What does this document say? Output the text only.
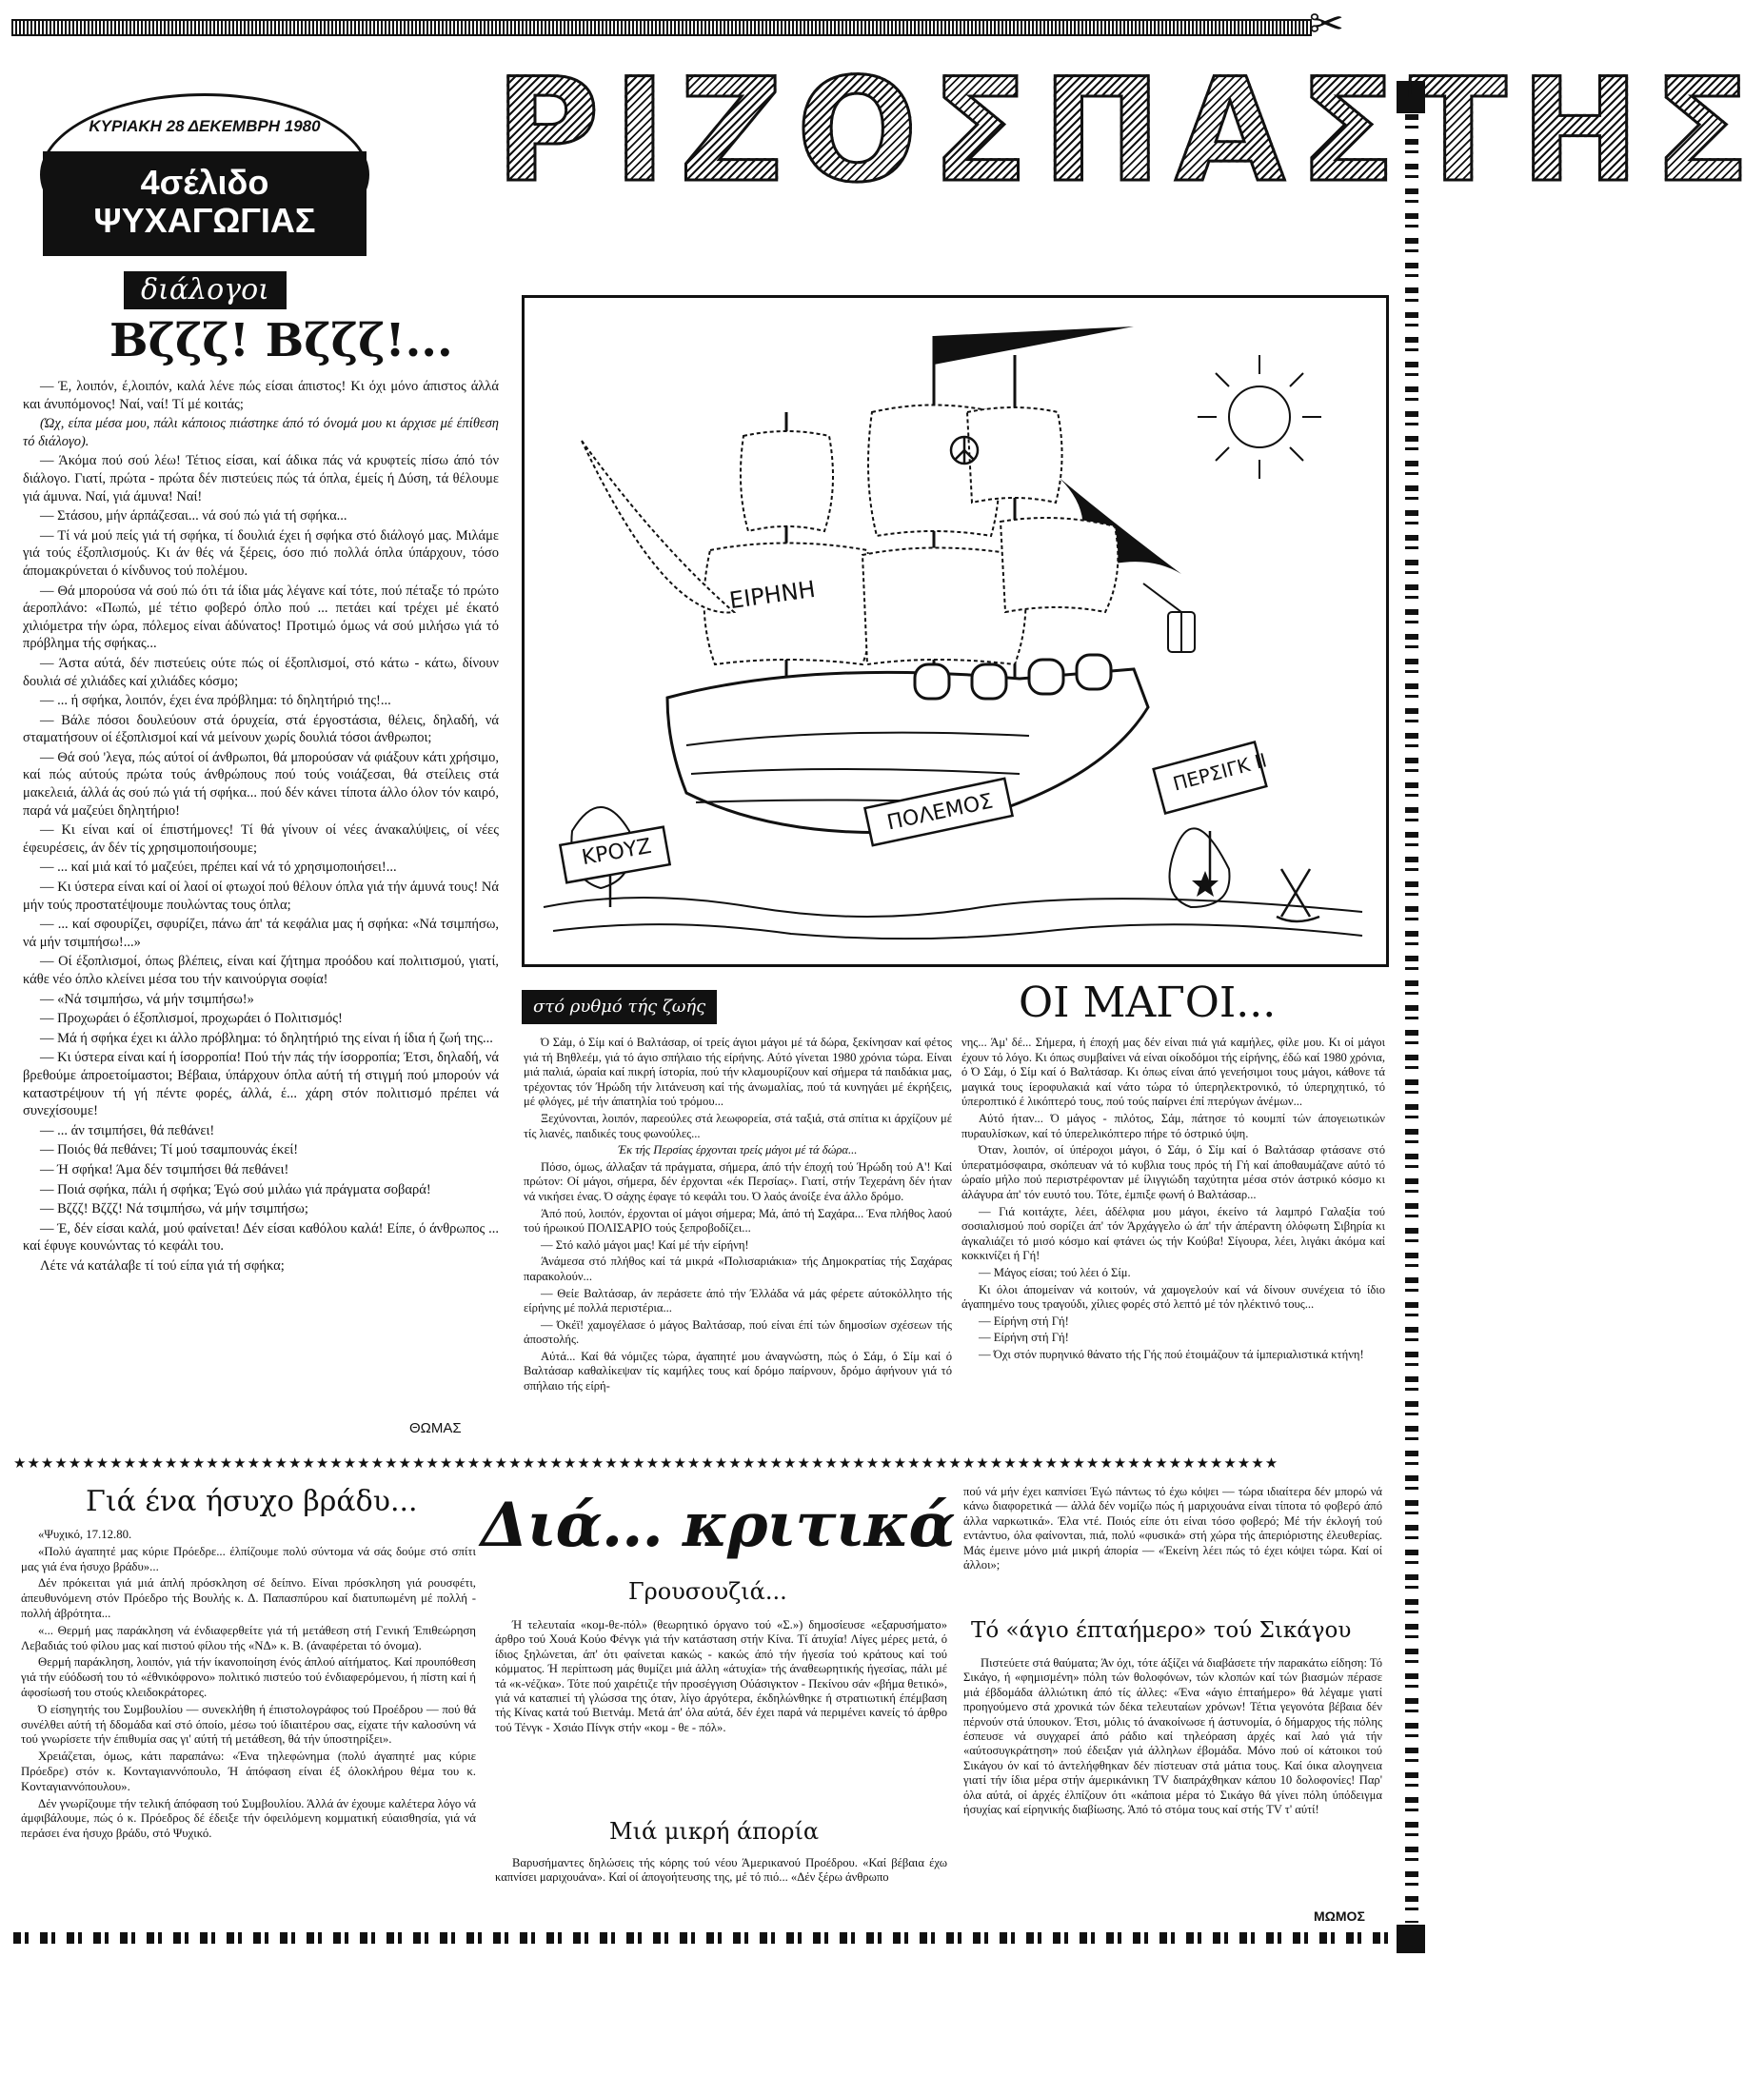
✂
ΚΥΡΙΑΚΗ 28 ΔΕΚΕΜΒΡΗ 1980
4σέλιδο
ΨΥΧΑΓΩΓΙΑΣ
ΡΙΖΟΣΠΑΣΤΗΣ
διάλογοι
Βζζζ! Βζζζ!...

— Έ, λοιπόν, έ,λοιπόν, καλά λένε πώς είσαι άπιστος! Κι όχι μόνο άπιστος άλλά και άνυπόμονος! Ναί, ναί! Τί μέ κοιτάς;

(Ώχ, είπα μέσα μου, πάλι κάποιος πιάστηκε άπό τό όνομά μου κι άρχισε μέ έπίθεση τό διάλογο).

— Άκόμα πού σού λέω! Τέτιος είσαι, καί άδικα πάς νά κρυφτείς πίσω άπό τόν διάλογο. Γιατί, πρώτα - πρώτα δέν πιστεύεις πώς τά όπλα, έμείς ή Δύση, τά θέλουμε γιά άμυνα. Ναί, γιά άμυνα! Ναί!

— Στάσου, μήν άρπάζεσαι... νά σού πώ γιά τή σφήκα...

— Τί νά μού πείς γιά τή σφήκα, τί δουλιά έχει ή σφήκα στό διάλογό μας. Μιλάμε γιά τούς έξοπλισμούς. Κι άν θές νά ξέρεις, όσο πιό πολλά όπλα ύπάρχουν, τόσο άπομακρύνεται ό κίνδυνος τού πολέμου.

— Θά μπορούσα νά σού πώ ότι τά ίδια μάς λέγανε καί τότε, πού πέταξε τό πρώτο άεροπλάνο: «Πωπώ, μέ τέτιο φοβερό όπλο πού ... πετάει καί τρέχει μέ έκατό χιλιόμετρα τήν ώρα, πόλεμος είναι άδύνατος! Προτιμώ όμως νά σού μιλήσω γιά τό πρόβλημα τής σφήκας...

— Άστα αύτά, δέν πιστεύεις ούτε πώς οί έξοπλισμοί, στό κάτω - κάτω, δίνουν δουλιά σέ χιλιάδες καί χιλιάδες κόσμο;

— ... ή σφήκα, λοιπόν, έχει ένα πρόβλημα: τό δηλητήριό της!...

— Βάλε πόσοι δουλεύουν στά όρυχεία, στά έργοστάσια, θέλεις, δηλαδή, νά σταματήσουν οί έξοπλισμοί καί νά μείνουν χωρίς δουλιά τόσοι άνθρωποι;

— Θά σού 'λεγα, πώς αύτοί οί άνθρωποι, θά μπορούσαν νά φιάξουν κάτι χρήσιμο, καί πώς αύτούς πρώτα τούς άνθρώπους πού τούς νοιάζεσαι, θά στείλεις στά μακελειά, άλλά άς σού πώ γιά τή σφήκα... πού δέν κάνει τίποτα άλλο όλον τόν καιρό, παρά νά μαζεύει δηλητήριο!

— Κι είναι καί οί έπιστήμονες! Τί θά γίνουν οί νέες άνακαλύψεις, οί νέες έφευρέσεις, άν δέν τίς χρησιμοποιήσουμε;

— ... καί μιά καί τό μαζεύει, πρέπει καί νά τό χρησιμοποιήσει!...

— Κι ύστερα είναι καί οί λαοί οί φτωχοί πού θέλουν όπλα γιά τήν άμυνά τους! Νά μήν τούς προστατέψουμε πουλώντας τους όπλα;

— ... καί σφουρίζει, σφυρίζει, πάνω άπ' τά κεφάλια μας ή σφήκα: «Νά τσιμπήσω, νά μήν τσιμπήσω!...»

— Οί έξοπλισμοί, όπως βλέπεις, είναι καί ζήτημα προόδου καί πολιτισμού, γιατί, κάθε νέο όπλο κλείνει μέσα του τήν καινούργια σοφία!

— «Νά τσιμπήσω, νά μήν τσιμπήσω!»

— Προχωράει ό έξοπλισμοί, προχωράει ό Πολιτισμός!

— Μά ή σφήκα έχει κι άλλο πρόβλημα: τό δηλητήριό της είναι ή ίδια ή ζωή της...

— Κι ύστερα είναι καί ή ίσορροπία! Πού τήν πάς τήν ίσορροπία; Έτσι, δηλαδή, νά βρεθούμε άπροετοίμαστοι; Βέβαια, ύπάρχουν όπλα αύτή τή στιγμή πού μπορούν νά καταστρέψουν τή γή πέντε φορές, άλλά, έ... χάρη στόν πολιτισμό πρέπει νά συνεχίσουμε!

— ... άν τσιμπήσει, θά πεθάνει!

— Ποιός θά πεθάνει; Τί μού τσαμπουνάς έκεί!

— Ή σφήκα! Άμα δέν τσιμπήσει θά πεθάνει!

— Ποιά σφήκα, πάλι ή σφήκα; Έγώ σού μιλάω γιά πράγματα σοβαρά!

— Βζζζ! Βζζζ! Νά τσιμπήσω, νά μήν τσιμπήσω;

— Έ, δέν είσαι καλά, μού φαίνεται! Δέν είσαι καθόλου καλά! Είπε, ό άνθρωπος ... καί έφυγε κουνώντας τό κεφάλι του.

Λέτε νά κατάλαβε τί τού είπα γιά τή σφήκα;

ΘΩΜΑΣ
ΕΙΡΗΝΗ
ΠΟΛΕΜΟΣ
ΚΡΟΥΖ
ΠΕΡΣΙΓΚ ΙΙ
στό ρυθμό τής ζωής	ΟΙ ΜΑΓΟΙ...

Ό Σάμ, ό Σίμ καί ό Βαλτάσαρ, οί τρείς άγιοι μάγοι μέ τά δώρα, ξεκίνησαν καί φέτος γιά τή Βηθλεέμ, γιά τό άγιο σπήλαιο τής είρήνης. Αύτό γίνεται 1980 χρόνια τώρα. Είναι μιά παλιά, ώραία καί πικρή ίστορία, πού τήν κλαμουρίζουν καί σήμερα τά παιδάκια μας, τρέχοντας τόν Ήρώδη τήν λιτάνευση καί τής άνωμαλίας, πού τά κυνηγάει μέ έκρήξεις, μέ φλόγες, μέ τήν άπατηλία τού τρόμου...

Ξεχύνονται, λοιπόν, παρεούλες στά λεωφορεία, στά ταξιά, στά σπίτια κι άρχίζουν μέ τίς λιανές, παιδικές τους φωνούλες...

Έκ τής Περσίας έρχονται τρείς μάγοι μέ τά δώρα...

Πόσο, όμως, άλλαξαν τά πράγματα, σήμερα, άπό τήν έποχή τού Ήρώδη τού Α'! Καί πρώτον: Οί μάγοι, σήμερα, δέν έρχονται «έκ Περσίας». Γιατί, στήν Τεχεράνη δέν ήταν νά νικήσει ένας. Ό σάχης έφαγε τό κεφάλι του. Ό λαός άνοίξε ένα άλλο δρόμο.

Άπό πού, λοιπόν, έρχονται οί μάγοι σήμερα; Μά, άπό τή Σαχάρα... Ένα πλήθος λαού τού ήρωικού ΠΟΛΙΣΑΡΙΟ τούς ξεπροβοδίζει...

— Στό καλό μάγοι μας! Καί μέ τήν είρήνη!

Άνάμεσα στό πλήθος καί τά μικρά «Πολισαριάκια» τής Δημοκρατίας τής Σαχάρας παρακολούν...

— Θείε Βαλτάσαρ, άν περάσετε άπό τήν Έλλάδα νά μάς φέρετε αύτοκόλλητο τής είρήνης μέ πολλά περιστέρια...

— Όκέϊ! χαμογέλασε ό μάγος Βαλτάσαρ, πού είναι έπί τών δημοσίων σχέσεων τής άποστολής.

Αύτά... Καί θά νόμιζες τώρα, άγαπητέ μου άναγνώστη, πώς ό Σάμ, ό Σίμ καί ό Βαλτάσαρ καθαλίκεψαν τίς καμήλες τους καί δρόμο παίρνουν, δρόμο άφήνουν γιά τό σπήλαιο τής είρή-

νης... Άμ' δέ... Σήμερα, ή έποχή μας δέν είναι πιά γιά καμήλες, φίλε μου. Κι οί μάγοι έχουν τό λόγο. Κι όπως συμβαίνει νά είναι οίκοδόμοι τής είρήνης, έδώ καί 1980 χρόνια, ό Ό Σάμ, ό Σίμ καί ό Βαλτάσαρ. Κι όπως είναι άπό γενεήσιμοι τους μάγοι, κάθονε τά μαγικά τους ίεροφυλακιά καί νάτο τώρα τό ύπερηλεκτρονικό, τό ύπερηχητικό, τό ύπεροπτικό έ λικόπτερό τους, πού τούς παίρνει έπί πτερύγων άνέμων...

Αύτό ήταν... Ό μάγος - πιλότος, Σάμ, πάτησε τό κουμπί τών άπογειωτικών πυραυλίσκων, καί τό ύπερελικόπτερο πήρε τό όστρικό ύψη.

Όταν, λοιπόν, οί ύπέροχοι μάγοι, ό Σάμ, ό Σίμ καί ό Βαλτάσαρ φτάσανε στό ύπερατμόσφαιρα, σκόπευαν νά τό κυβλια τους πρός τή Γή καί άποθαυμάζανε αύτό τό ώραίο μήλο πού περιστρέφονταν μέ ίλιγγιώδη ταχύτητα μέσα στόν άστρικό κόσμο κι άλάγυρα άπ' τόν ευυτό του. Τότε, έμπιξε φωνή ό Βαλτάσαρ...

— Γιά κοιτάχτε, λέει, άδέλφια μου μάγοι, έκείνο τά λαμπρό Γαλαξία τού σοσιαλισμού πού σορίζει άπ' τόν Άρχάγγελο ώ άπ' τήν άπέραντη όλόφωτη Σιβηρία κι άγκαλιάζει τό μισό κόσμο καί φτάνει ώς τήν Κούβα! Σίγουρα, λέει, λιγάκι άκόμα καί κοκκινίζει ή Γή!

— Μάγος είσαι; τού λέει ό Σίμ.

Κι όλοι άπομείναν νά κοιτούν, νά χαμογελούν καί νά δίνουν συνέχεια τό ίδιο άγαπημένο τους τραγούδι, χίλιες φορές στό λεπτό μέ τόν ηλέκτινό τους...

— Είρήνη στή Γή!

— Είρήνη στή Γή!

— Όχι στόν πυρηνικό θάνατο τής Γής πού έτοιμάζουν τά ίμπεριαλιστικά κτήνη!

★★★★★★★★★★★★★★★★★★★★★★★★★★★★★★★★★★★★★★★★★★★★★★★★★★★★★★★★★★★★★★★★★★★★★★★★★★★★★★★★★★★★★★★★★★★★
Γιά ένα ήσυχο βράδυ...

«Ψυχικό, 17.12.80.

«Πολύ άγαπητέ μας κύριε Πρόεδρε... έλπίζουμε πολύ σύντομα νά σάς δούμε στό σπίτι μας γιά ένα ήσυχο βράδυ»...

Δέν πρόκειται γιά μιά άπλή πρόσκληση σέ δείπνο. Είναι πρόσκληση γιά ρουσφέτι, άπευθυνόμενη στόν Πρόεδρο τής Βουλής κ. Δ. Παπασπύρου καί διατυπωμένη μέ πολλή - πολλή άβρότητα...

«... Θερμή μας παράκληση νά ένδιαφερθείτε γιά τή μετάθεση στή Γενική Έπιθεώρηση Λεβαδιάς τού φίλου μας καί πιστού φίλου τής «ΝΔ» κ. Β. (άναφέρεται τό όνομα).

Θερμή παράκληση, λοιπόν, γιά τήν ίκανοποίηση ένός άπλού αίτήματος. Καί προυπόθεση γιά τήν εύόδωσή του τό «έθνικόφρονο» πολιτικό πιστεύο τού ένδιαφερόμενου, ή πίστη καί ή άφοσίωσή του στούς κλειδοκράτορες.

Ό είσηγητής του Συμβουλίου — συνεκλήθη ή έπιστολογράφος τού Προέδρου — πού θά συνέλθει αύτή τή δδομάδα καί στό όποίο, μέσω τού ίδιαιτέρου σας, είχατε τήν καλοσύνη νά τού γνωρίσετε τήν έπιθυμία σας γι' αύτή τή μετάθεση, θά τήν ύποστηρίξει».

Χρειάζεται, όμως, κάτι παραπάνω: «Ένα τηλεφώνημα (πολύ άγαπητέ μας κύριε Πρόεδρε) στόν κ. Κονταγιαννόπουλο, Ή άπόφαση είναι έξ όλοκλήρου θέμα του κ. Κονταγιαννόπουλου».

Δέν γνωρίζουμε τήν τελική άπόφαση τού Συμβουλίου. Άλλά άν έχουμε καλέτερα λόγο νά άμφιβάλουμε, πώς ό κ. Πρόεδρος δέ έδειξε τήν όφειλόμενη κομματική εύαισθησία, γιά νά περάσει ένα ήσυχο βράδυ, στό Ψυχικό.

Διά... κριτικά
Γρουσουζιά...

Ή τελευταία «κομ-θε-πόλ» (θεωρητικό όργανο τού «Σ.») δημοσίευσε «εξαρυσήματο» άρθρο τού Χουά Κούο Φένγκ γιά τήν κατάσταση στήν Κίνα. Τί άτυχία! Λίγες μέρες μετά, ό ίδιος ξηλώνεται, άπ' ότι φαίνεται κακώς - κακώς άπό τήν ήγεσία τού κράτους καί τού κόμματος. Ή περίπτωση μάς θυμίζει μιά άλλη «άτυχία» τής άναθεωρητικής ήγεσίας, πάλι μέ τά «κ-νέζικα». Τότε πού χαιρέτιζε τήν προσέγγιση Ούάσιγκτον - Πεκίνου σάν «βήμα θετικό», γιά νά καταπιεί τή γλώσσα της όταν, λίγο άργότερα, έκδηλώνθηκε ή στρατιωτική έπέμβαση τής Κίνας κατά τού Βιετνάμ. Μετά άπ' όλα αύτά, δέν έχει παρά νά περιμένει κανείς τό άρθρο τού Τένγκ - Χσιάο Πίνγκ στήν «κομ - θε - πόλ».

Μιά μικρή άπορία

Βαρυσήμαντες δηλώσεις τής κόρης τού νέου Άμερικανού Προέδρου. «Καί βέβαια έχω καπνίσει μαριχουάνα». Καί οί άπογοήτευσης της, μέ τό πιό... «Δέν ξέρω άνθρωπο

πού νά μήν έχει καπνίσει Έγώ πάντως τό έχω κόψει — τώρα ιδιαίτερα δέν μπορώ νά κάνω διαφορετικά — άλλά δέν νομίζω πώς ή μαριχουάνα είναι τίποτα τό φοβερό άπό άλλα ναρκωτικά». Έλα ντέ. Ποιός είπε ότι είναι τόσο φοβερό; Μέ τήν έκλογή τού εντάντυο, όλα φαίνονται, πιά, πολύ «φυσικά» στή χώρα τής άπεριόριστης έλευθερίας. Μάς έμεινε μόνο μιά μικρή άπορία — «Έκείνη λέει πώς τό έχει κόψει τώρα. Καί οί άλλοι»;

Τό «άγιο έπταήμερο» τού Σικάγου

Πιστεύετε στά θαύματα; Άν όχι, τότε άξίζει νά διαβάσετε τήν παρακάτω είδηση: Τό Σικάγο, ή «φημισμένη» πόλη τών θολοφόνων, τών κλοπών καί τών βιασμών πέρασε μιά έβδομάδα άλλιώτικη άπό τίς άλλες: «Ένα «άγιο έπταήμερο» θά λέγαμε γιατί προηγούμενο στά χρονικά τών δέκα τελευταίων χρόνων! Τέτια γεγονότα βέβαια δέν πέρνούν στά ύπουκον. Έτσι, μόλις τό άνακοίνωσε ή άστυνομία, ό δήμαρχος τής πόλης έσπευσε νά συγχαρεί άπό ράδιο καί τηλεόραση άρχές καί λαό γιά τήν «αύτοσυγκράτηση» πού έδειξαν γιά άλληλων έβομάδα. Μόνο πού οί κάτοικοι τού Σικάγου όν καί τό άντελήφθηκαν δέν πίστευαν στά μάτια τους. Καί όικα αλογηνεια γιατί τήν ίδια μέρα στήν άμερικάνικη TV διαπράχθηκαν κάπου 10 δολοφονίες! Παρ' όλα αύτά, οί άρχές έλπίζουν ότι «κάποια μέρα τό Σικάγο θά γίνει πόλη ύπόδειγμα ήσυχίας καί είρηνικής διαβίωσης. Άπό τό στόμα τους καί στής TV τ' αύτί!

ΜΩΜΟΣ
